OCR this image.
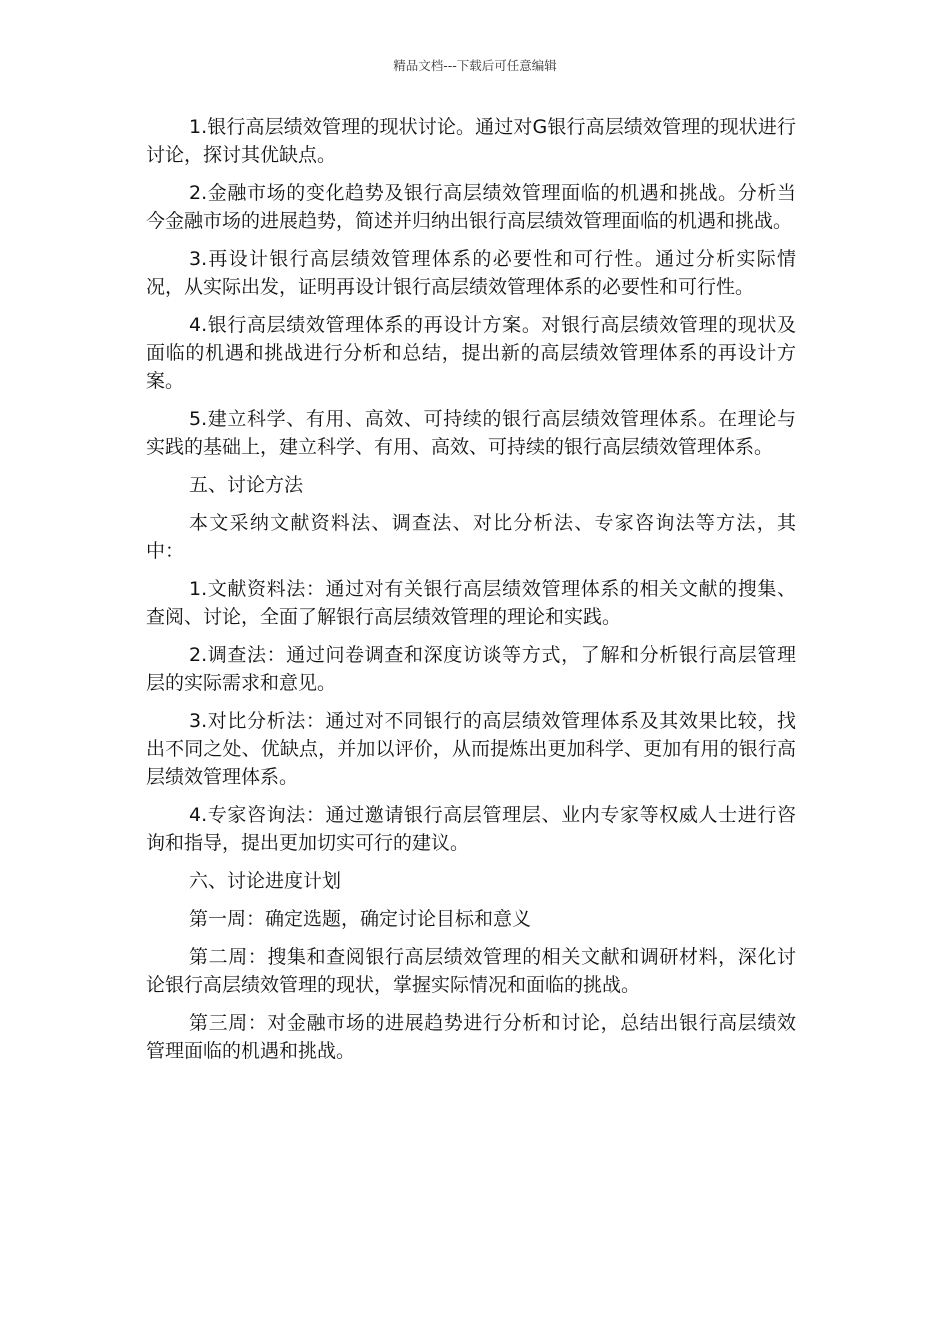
精品文档---下载后可任意编辑

1.银行高层绩效管理的现状讨论。通过对G银行高层绩效管理的现状进行讨论，探讨其优缺点。

2.金融市场的变化趋势及银行高层绩效管理面临的机遇和挑战。分析当今金融市场的进展趋势，简述并归纳出银行高层绩效管理面临的机遇和挑战。

3.再设计银行高层绩效管理体系的必要性和可行性。通过分析实际情况，从实际出发，证明再设计银行高层绩效管理体系的必要性和可行性。

4.银行高层绩效管理体系的再设计方案。对银行高层绩效管理的现状及面临的机遇和挑战进行分析和总结，提出新的高层绩效管理体系的再设计方案。

5.建立科学、有用、高效、可持续的银行高层绩效管理体系。在理论与实践的基础上，建立科学、有用、高效、可持续的银行高层绩效管理体系。

五、讨论方法

本文采纳文献资料法、调查法、对比分析法、专家咨询法等方法，其中：

1.文献资料法：通过对有关银行高层绩效管理体系的相关文献的搜集、查阅、讨论，全面了解银行高层绩效管理的理论和实践。

2.调查法：通过问卷调查和深度访谈等方式，了解和分析银行高层管理层的实际需求和意见。

3.对比分析法：通过对不同银行的高层绩效管理体系及其效果比较，找出不同之处、优缺点，并加以评价，从而提炼出更加科学、更加有用的银行高层绩效管理体系。

4.专家咨询法：通过邀请银行高层管理层、业内专家等权威人士进行咨询和指导，提出更加切实可行的建议。

六、讨论进度计划

第一周：确定选题，确定讨论目标和意义

第二周：搜集和查阅银行高层绩效管理的相关文献和调研材料，深化讨论银行高层绩效管理的现状，掌握实际情况和面临的挑战。

第三周：对金融市场的进展趋势进行分析和讨论，总结出银行高层绩效管理面临的机遇和挑战。
